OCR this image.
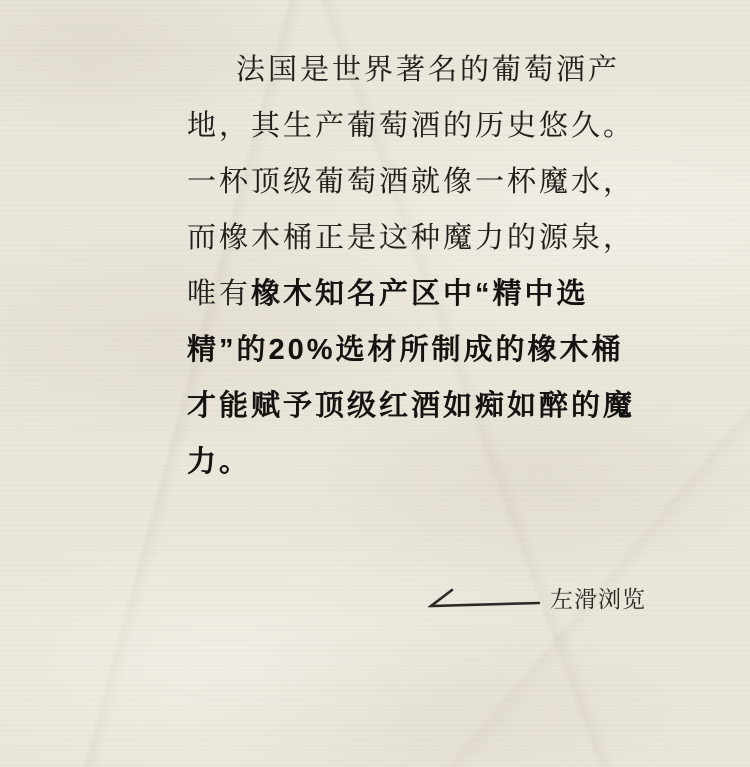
法国是世界著名的葡萄酒产
地，其生产葡萄酒的历史悠久。
一杯顶级葡萄酒就像一杯魔水，
而橡木桶正是这种魔力的源泉，
唯有橡木知名产区中“精中选
精”的20%选材所制成的橡木桶
才能赋予顶级红酒如痴如醉的魔
力。
左滑浏览
